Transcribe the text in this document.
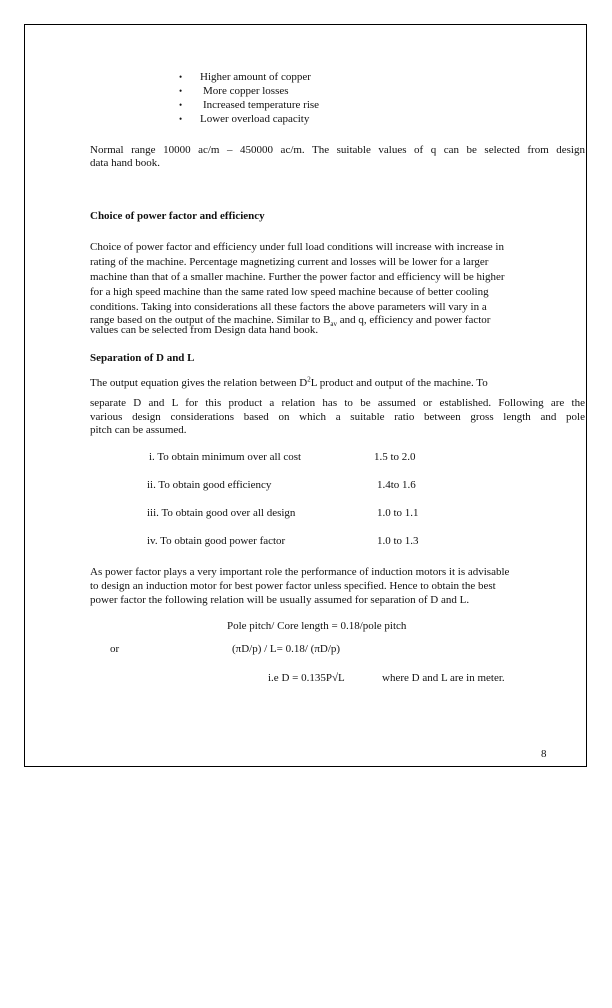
• Higher amount of copper
• More copper losses
• Increased temperature rise
• Lower overload capacity
Normal range 10000 ac/m – 450000 ac/m. The suitable values of q can be selected from design
data hand book.
Choice of power factor and efficiency
Choice of power factor and efficiency under full load conditions will increase with increase in
rating of the machine. Percentage magnetizing current and losses will be lower for a larger
machine than that of a smaller machine. Further the power factor and efficiency will be higher
for a high speed machine than the same rated low speed machine because of better cooling
conditions. Taking into considerations all these factors the above parameters will vary in a
range based on the output of the machine. Similar to $B_{av}$ and q, efficiency and power factor
values can be selected from Design data hand book.
Separation of D and L
The output equation gives the relation between $D^2L$ product and output of the machine. To
separate D and L for this product a relation has to be assumed or established. Following are the
various design considerations based on which a suitable ratio between gross length and pole
pitch can be assumed.
i. To obtain minimum over all cost	1.5 to 2.0
ii. To obtain good efficiency	1.4to 1.6
iii. To obtain good over all design	1.0 to 1.1
iv. To obtain good power factor	1.0 to 1.3
As power factor plays a very important role the performance of induction motors it is advisable
to design an induction motor for best power factor unless specified. Hence to obtain the best
power factor the following relation will be usually assumed for separation of D and L.
Pole pitch/ Core length = 0.18/pole pitch
or	(πD/p) / L= 0.18/ (πD/p)
i.e D = 0.135P√L	where D and L are in meter.
8
